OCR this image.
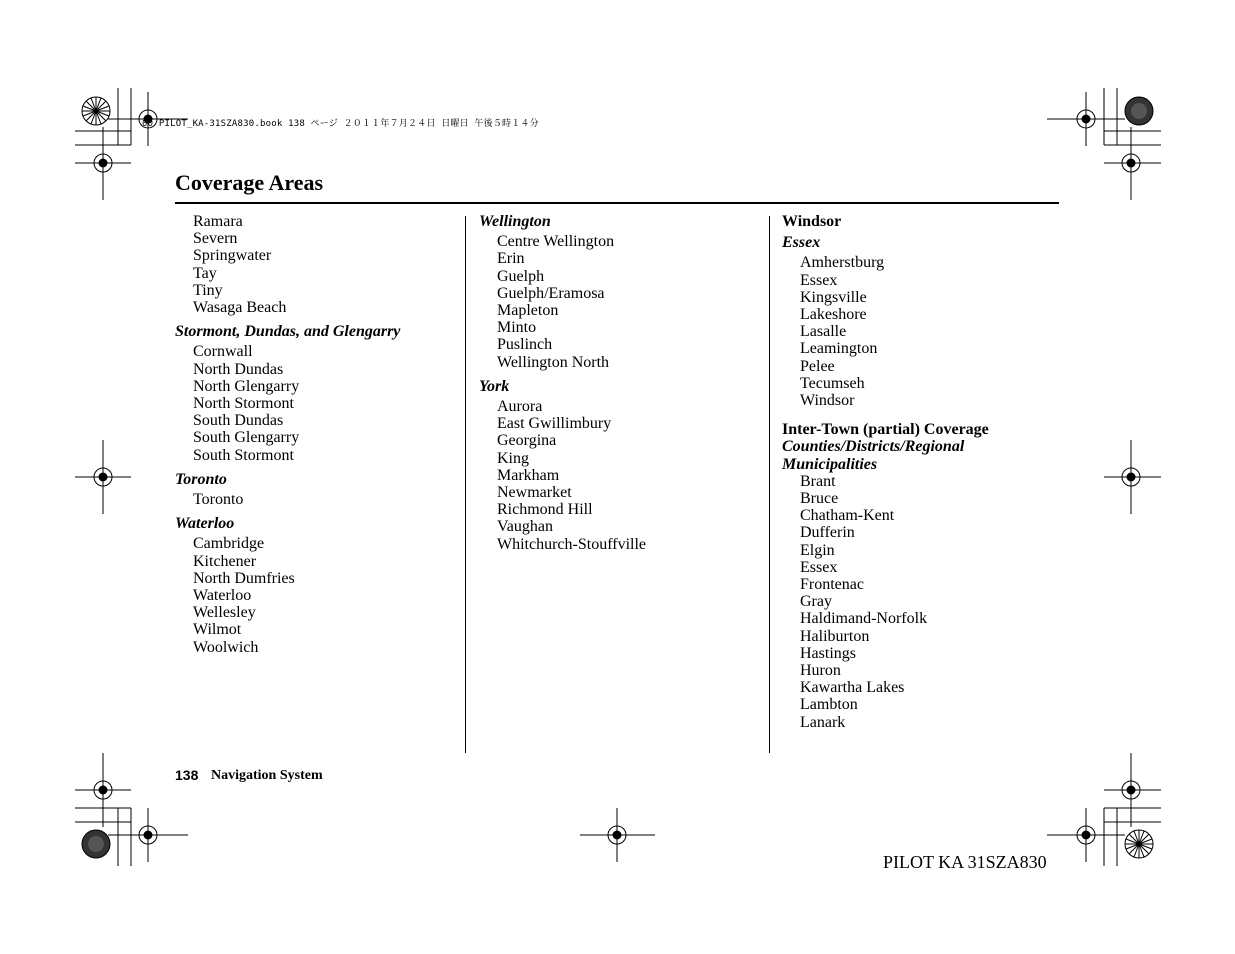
00 PILOT_KA-31SZA830.book 138 ページ ２０１１年７月２４日 日曜日 午後５時１４分
Coverage Areas
Ramara
Severn
Springwater
Tay
Tiny
Wasaga Beach
Stormont, Dundas, and Glengarry
Cornwall
North Dundas
North Glengarry
North Stormont
South Dundas
South Glengarry
South Stormont
Toronto
Toronto
Waterloo
Cambridge
Kitchener
North Dumfries
Waterloo
Wellesley
Wilmot
Woolwich
Wellington
Centre Wellington
Erin
Guelph
Guelph/Eramosa
Mapleton
Minto
Puslinch
Wellington North
York
Aurora
East Gwillimbury
Georgina
King
Markham
Newmarket
Richmond Hill
Vaughan
Whitchurch-Stouffville
Windsor
Essex
Amherstburg
Essex
Kingsville
Lakeshore
Lasalle
Leamington
Pelee
Tecumseh
Windsor
Inter-Town (partial) Coverage
Counties/Districts/Regional Municipalities
Brant
Bruce
Chatham-Kent
Dufferin
Elgin
Essex
Frontenac
Gray
Haldimand-Norfolk
Haliburton
Hastings
Huron
Kawartha Lakes
Lambton
Lanark
138 Navigation System
PILOT KA 31SZA830
